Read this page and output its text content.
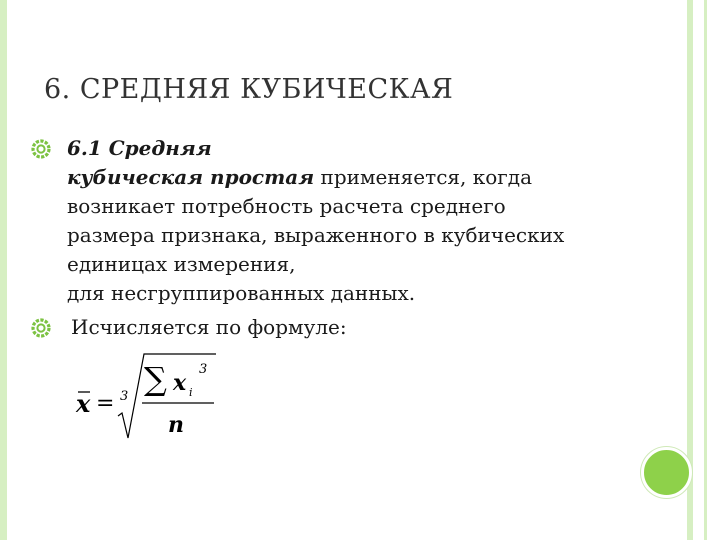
6. СРЕДНЯЯ КУБИЧЕСКАЯ
6.1 Средняя
кубическая простая применяется, когда
возникает потребность расчета среднего
размера признака, выраженного в кубических
единицах измерения,
для несгруппированных данных.
Исчисляется по формуле:
x = 3 ∑ x i
3
n
